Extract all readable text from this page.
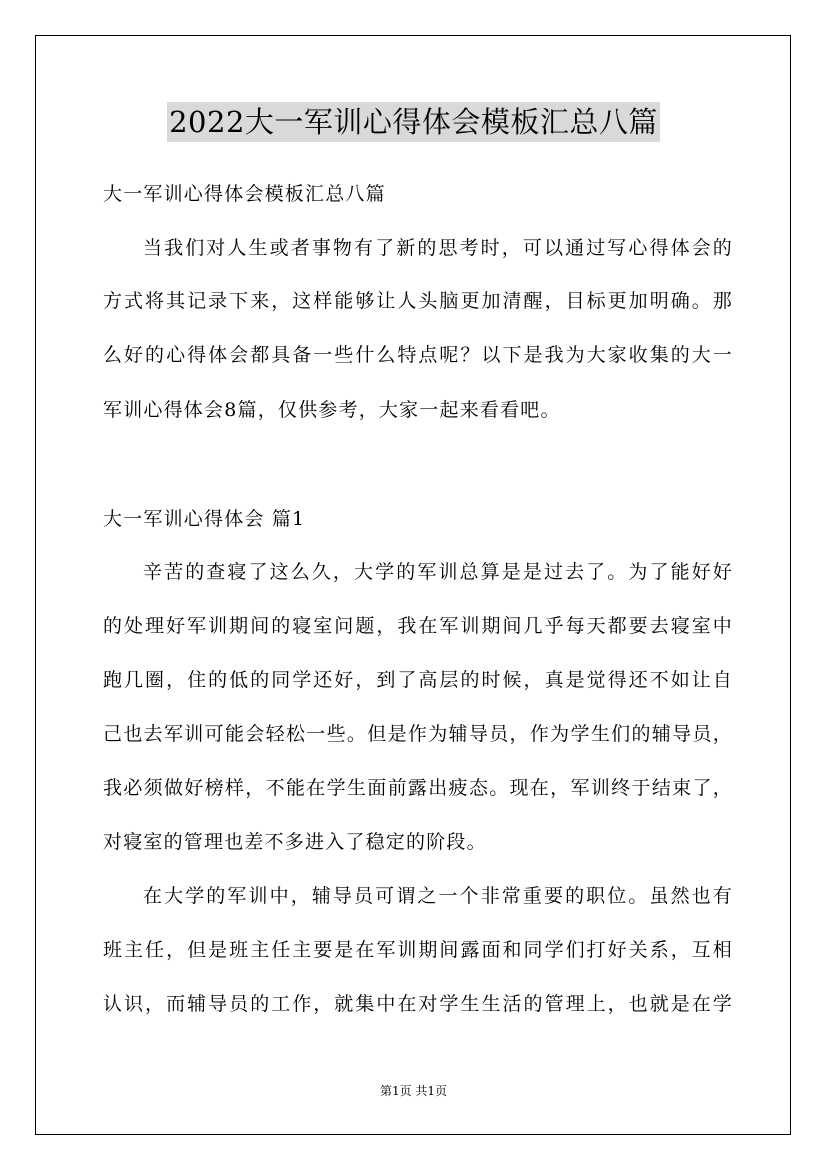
2022大一军训心得体会模板汇总八篇
大一军训心得体会模板汇总八篇
当我们对人生或者事物有了新的思考时，可以通过写心得体会的
方式将其记录下来，这样能够让人头脑更加清醒，目标更加明确。那
么好的心得体会都具备一些什么特点呢？以下是我为大家收集的大一
军训心得体会8篇，仅供参考，大家一起来看看吧。
大一军训心得体会 篇1
辛苦的查寝了这么久，大学的军训总算是是过去了。为了能好好
的处理好军训期间的寝室问题，我在军训期间几乎每天都要去寝室中
跑几圈，住的低的同学还好，到了高层的时候，真是觉得还不如让自
己也去军训可能会轻松一些。但是作为辅导员，作为学生们的辅导员，
我必须做好榜样，不能在学生面前露出疲态。现在，军训终于结束了，
对寝室的管理也差不多进入了稳定的阶段。
在大学的军训中，辅导员可谓之一个非常重要的职位。虽然也有
班主任，但是班主任主要是在军训期间露面和同学们打好关系，互相
认识，而辅导员的工作，就集中在对学生生活的管理上，也就是在学
第1页 共1页
